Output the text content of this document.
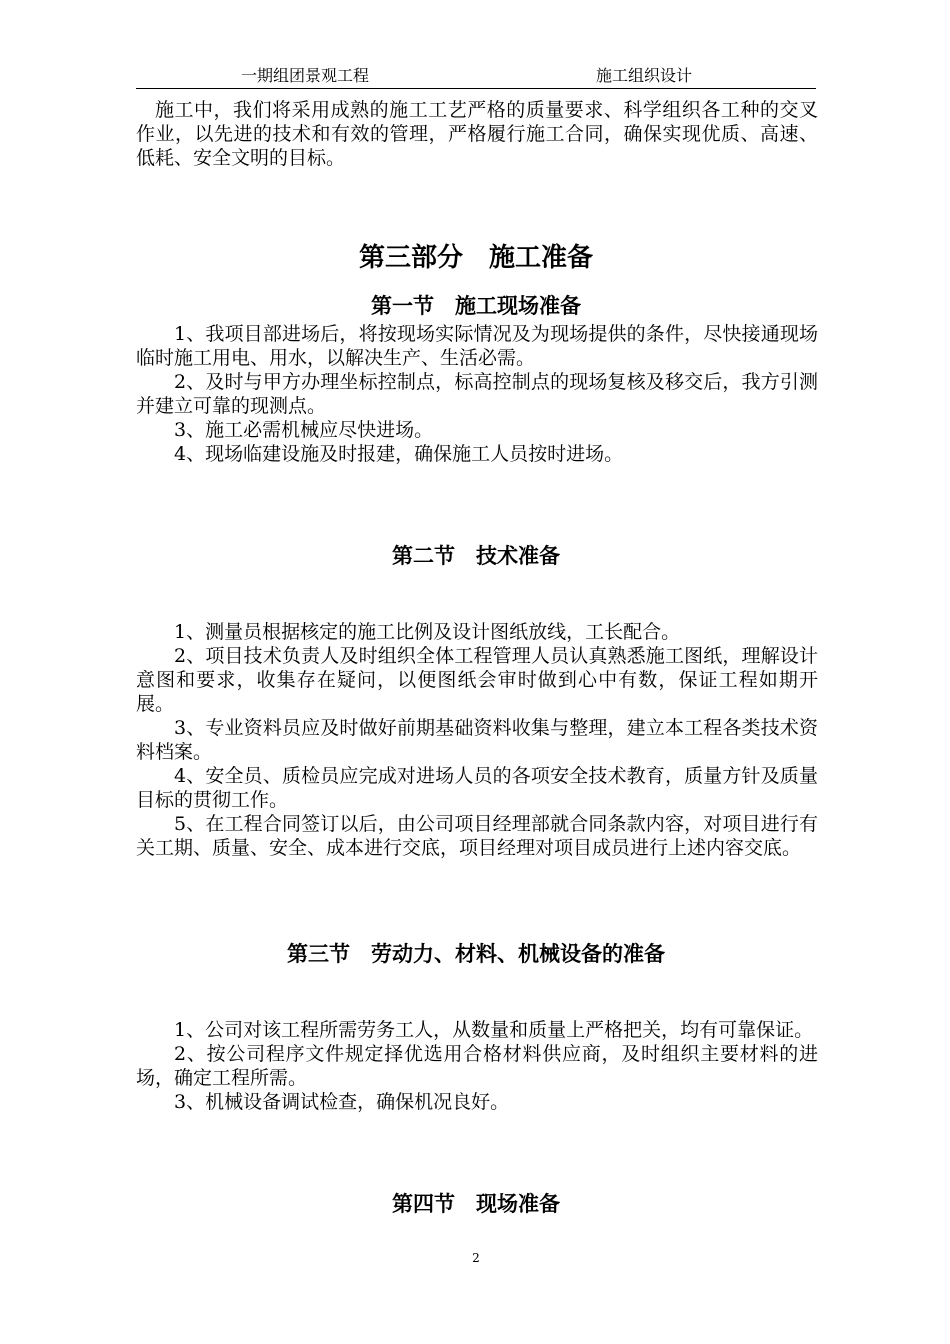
一期组团景观工程	施工组织设计

施工中，我们将采用成熟的施工工艺严格的质量要求、科学组织各工种的交叉作业，以先进的技术和有效的管理，严格履行施工合同，确保实现优质、高速、低耗、安全文明的目标。

第三部分　施工准备
第一节　施工现场准备

1、我项目部进场后，将按现场实际情况及为现场提供的条件，尽快接通现场临时施工用电、用水，以解决生产、生活必需。

2、及时与甲方办理坐标控制点，标高控制点的现场复核及移交后，我方引测并建立可靠的现测点。

3、施工必需机械应尽快进场。

4、现场临建设施及时报建，确保施工人员按时进场。

第二节　技术准备

1、测量员根据核定的施工比例及设计图纸放线，工长配合。

2、项目技术负责人及时组织全体工程管理人员认真熟悉施工图纸，理解设计意图和要求，收集存在疑问，以便图纸会审时做到心中有数，保证工程如期开展。

3、专业资料员应及时做好前期基础资料收集与整理，建立本工程各类技术资料档案。

4、安全员、质检员应完成对进场人员的各项安全技术教育，质量方针及质量目标的贯彻工作。

5、在工程合同签订以后，由公司项目经理部就合同条款内容，对项目进行有关工期、质量、安全、成本进行交底，项目经理对项目成员进行上述内容交底。

第三节　劳动力、材料、机械设备的准备

1、公司对该工程所需劳务工人，从数量和质量上严格把关，均有可靠保证。

2、按公司程序文件规定择优选用合格材料供应商，及时组织主要材料的进场，确定工程所需。

3、机械设备调试检查，确保机况良好。

第四节　现场准备
2
